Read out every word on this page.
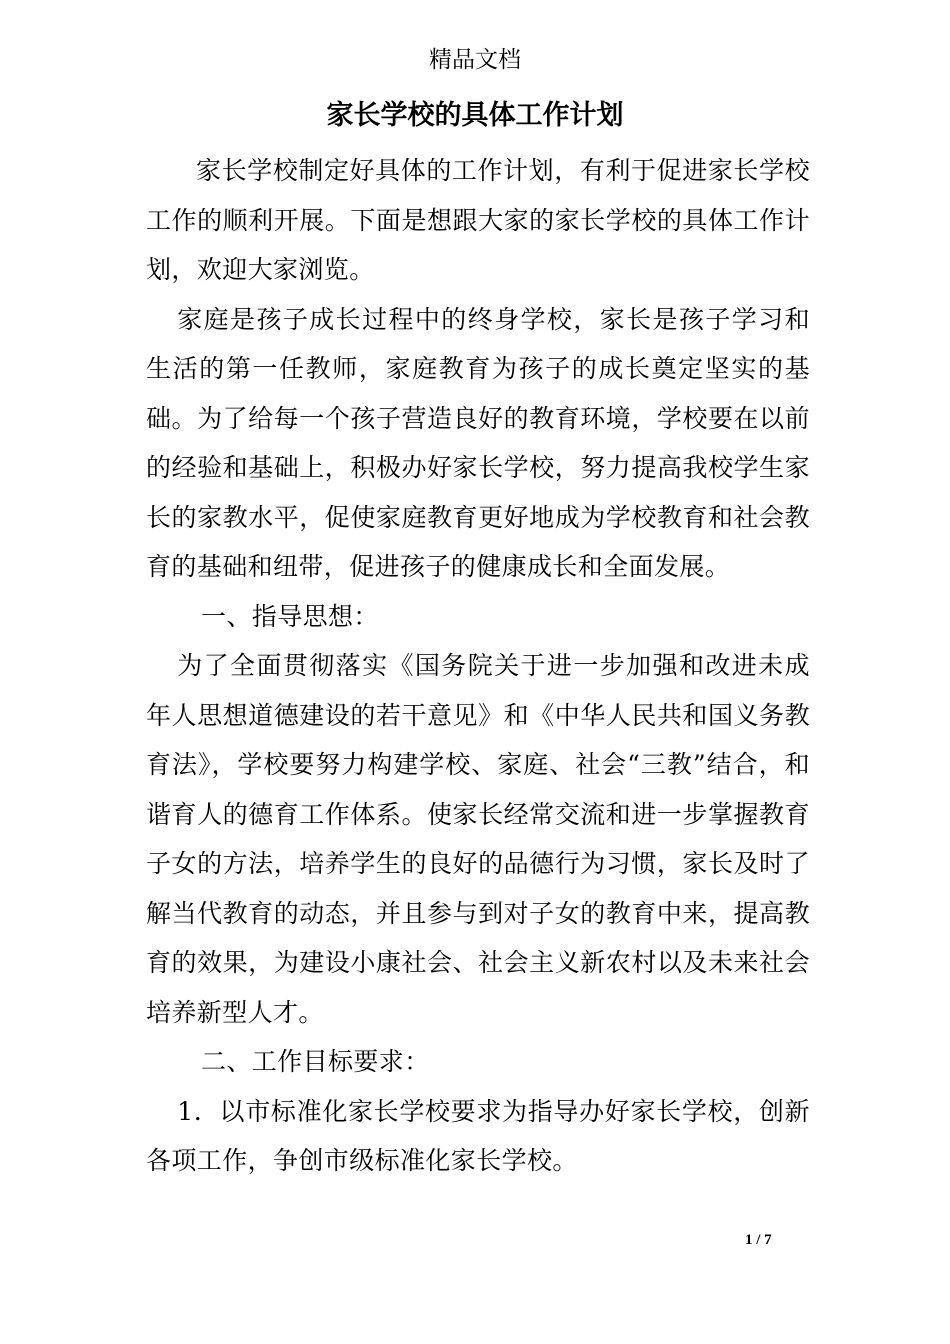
精品文档
家长学校的具体工作计划

家长学校制定好具体的工作计划，有利于促进家长学校工作的顺利开展。下面是想跟大家的家长学校的具体工作计划，欢迎大家浏览。

家庭是孩子成长过程中的终身学校，家长是孩子学习和生活的第一任教师，家庭教育为孩子的成长奠定坚实的基础。为了给每一个孩子营造良好的教育环境，学校要在以前的经验和基础上，积极办好家长学校，努力提高我校学生家长的家教水平，促使家庭教育更好地成为学校教育和社会教育的基础和纽带，促进孩子的健康成长和全面发展。

一、指导思想：

为了全面贯彻落实《国务院关于进一步加强和改进未成年人思想道德建设的若干意见》和《中华人民共和国义务教育法》，学校要努力构建学校、家庭、社会“三教”结合，和谐育人的德育工作体系。使家长经常交流和进一步掌握教育子女的方法，培养学生的良好的品德行为习惯，家长及时了解当代教育的动态，并且参与到对子女的教育中来，提高教育的效果，为建设小康社会、社会主义新农村以及未来社会培养新型人才。

二、工作目标要求：

1．以市标准化家长学校要求为指导办好家长学校，创新各项工作，争创市级标准化家长学校。

1 / 7
